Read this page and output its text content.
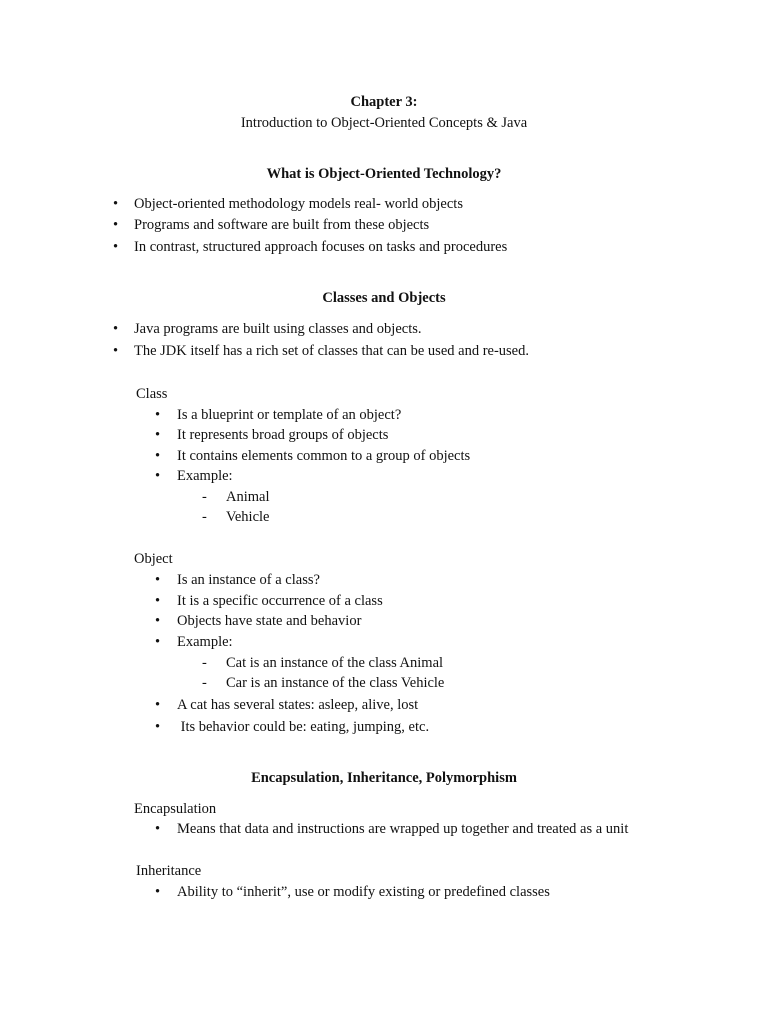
Chapter 3:

Introduction to Object-Oriented Concepts & Java

What is Object-Oriented Technology?

• Object-oriented methodology models real- world objects
• Programs and software are built from these objects
• In contrast, structured approach focuses on tasks and procedures

Classes and Objects

• Java programs are built using classes and objects.
• The JDK itself has a rich set of classes that can be used and re-used.

Class

• Is a blueprint or template of an object?
• It represents broad groups of objects
• It contains elements common to a group of objects
• Example:
- Animal
- Vehicle

Object

• Is an instance of a class?
• It is a specific occurrence of a class
• Objects have state and behavior
• Example:
- Cat is an instance of the class Animal
- Car is an instance of the class Vehicle
• A cat has several states: asleep, alive, lost
• Its behavior could be: eating, jumping, etc.

Encapsulation, Inheritance, Polymorphism

Encapsulation

• Means that data and instructions are wrapped up together and treated as a unit

Inheritance

• Ability to “inherit”, use or modify existing or predefined classes
